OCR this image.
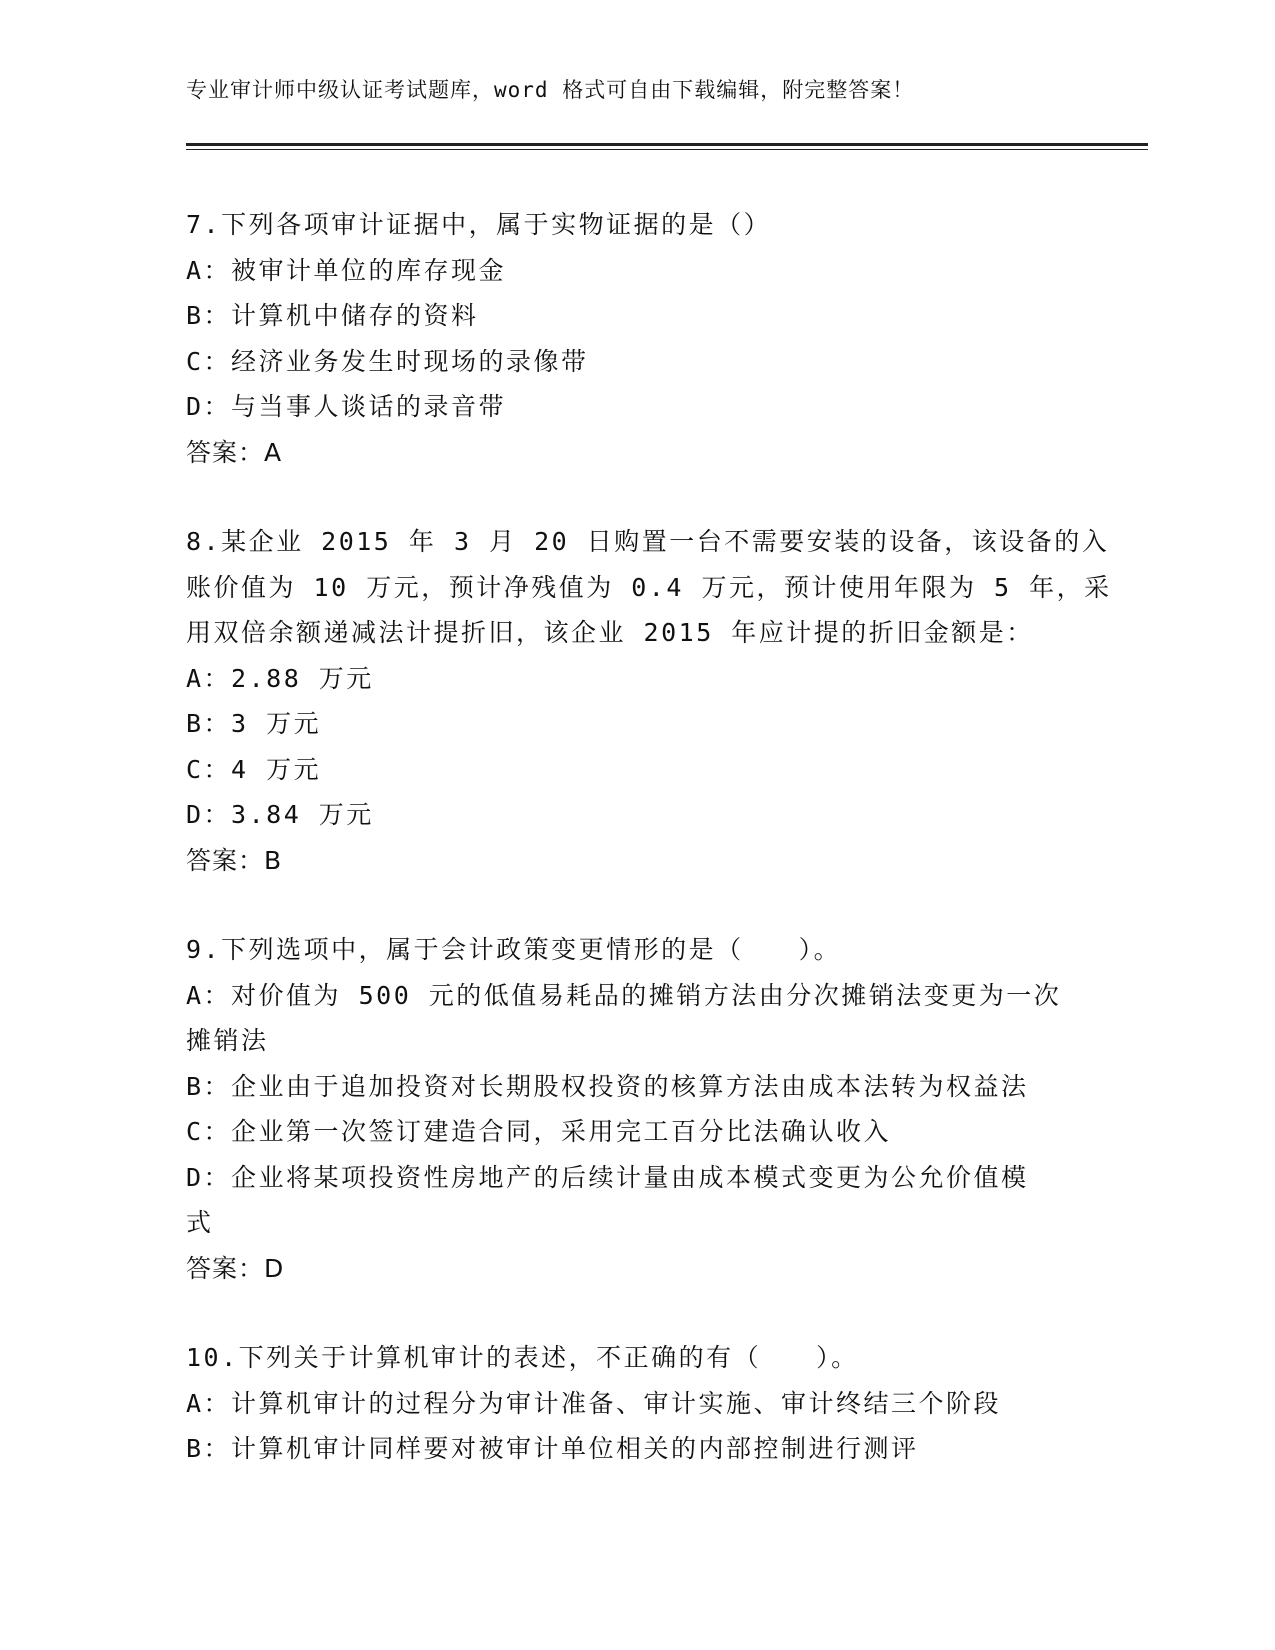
专业审计师中级认证考试题库，word 格式可自由下载编辑，附完整答案！
7.下列各项审计证据中，属于实物证据的是（）
A：被审计单位的库存现金
B：计算机中储存的资料
C：经济业务发生时现场的录像带
D：与当事人谈话的录音带
答案：A
8.某企业 2015 年 3 月 20 日购置一台不需要安装的设备，该设备的入
账价值为 10 万元，预计净残值为 0.4 万元，预计使用年限为 5 年，采
用双倍余额递减法计提折旧，该企业 2015 年应计提的折旧金额是：
A：2.88 万元
B：3 万元
C：4 万元
D：3.84 万元
答案：B
9.下列选项中，属于会计政策变更情形的是（　　）。
A：对价值为 500 元的低值易耗品的摊销方法由分次摊销法变更为一次
摊销法
B：企业由于追加投资对长期股权投资的核算方法由成本法转为权益法
C：企业第一次签订建造合同，采用完工百分比法确认收入
D：企业将某项投资性房地产的后续计量由成本模式变更为公允价值模
式
答案：D
10.下列关于计算机审计的表述，不正确的有（　　）。
A：计算机审计的过程分为审计准备、审计实施、审计终结三个阶段
B：计算机审计同样要对被审计单位相关的内部控制进行测评
